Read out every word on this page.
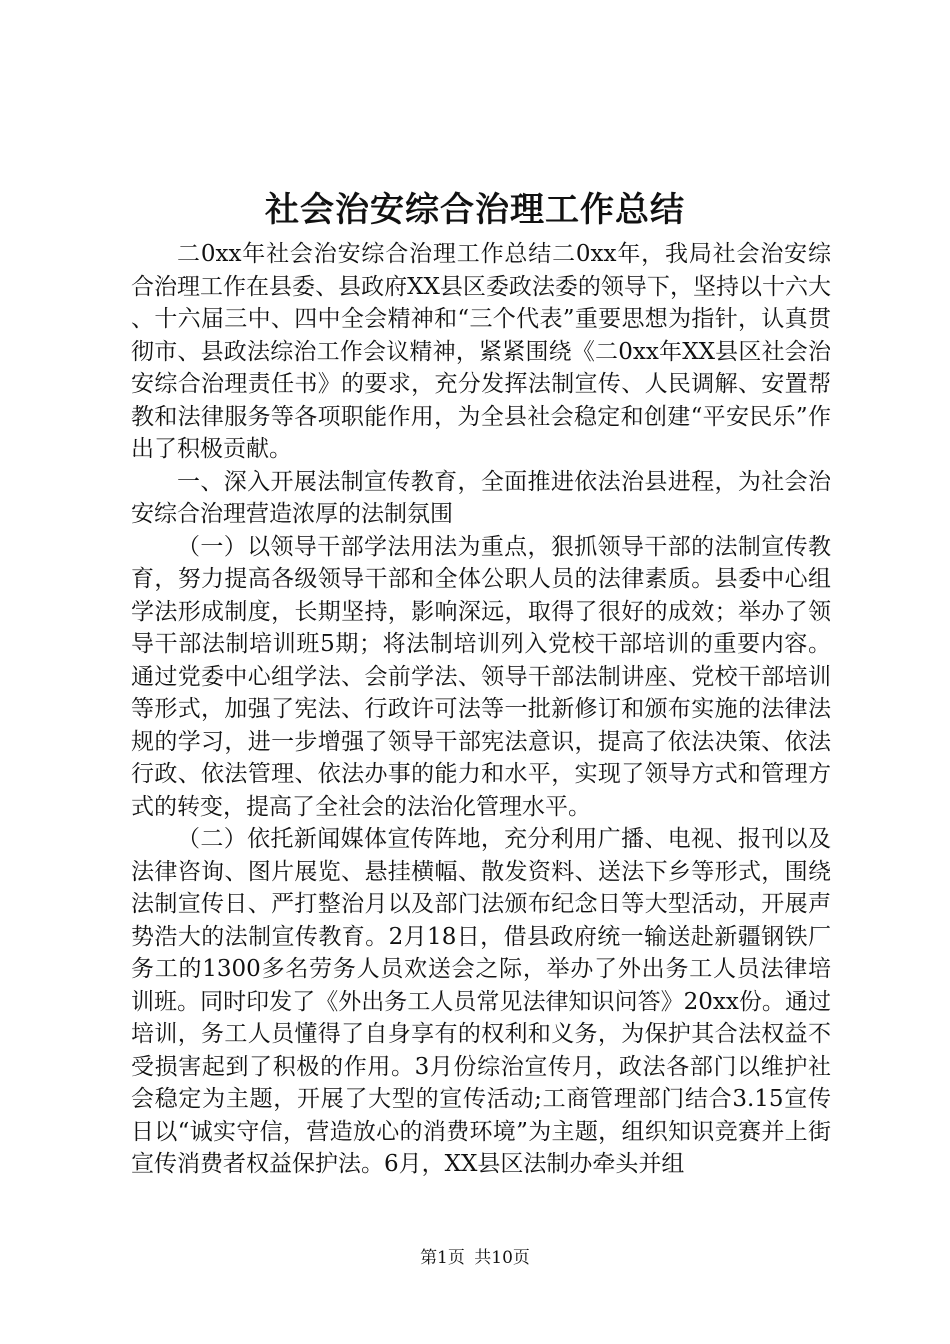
社会治安综合治理工作总结

二0xx年社会治安综合治理工作总结二0xx年，我局社会治安综合治理工作在县委、县政府XX县区委政法委的领导下，坚持以十六大、十六届三中、四中全会精神和“三个代表”重要思想为指针，认真贯彻市、县政法综治工作会议精神，紧紧围绕《二0xx年XX县区社会治安综合治理责任书》的要求，充分发挥法制宣传、人民调解、安置帮教和法律服务等各项职能作用，为全县社会稳定和创建“平安民乐”作出了积极贡献。

一、深入开展法制宣传教育，全面推进依法治县进程，为社会治安综合治理营造浓厚的法制氛围

（一）以领导干部学法用法为重点，狠抓领导干部的法制宣传教育，努力提高各级领导干部和全体公职人员的法律素质。县委中心组学法形成制度，长期坚持，影响深远，取得了很好的成效；举办了领导干部法制培训班5期；将法制培训列入党校干部培训的重要内容。通过党委中心组学法、会前学法、领导干部法制讲座、党校干部培训等形式，加强了宪法、行政许可法等一批新修订和颁布实施的法律法规的学习，进一步增强了领导干部宪法意识，提高了依法决策、依法行政、依法管理、依法办事的能力和水平，实现了领导方式和管理方式的转变，提高了全社会的法治化管理水平。

（二）依托新闻媒体宣传阵地，充分利用广播、电视、报刊以及法律咨询、图片展览、悬挂横幅、散发资料、送法下乡等形式，围绕法制宣传日、严打整治月以及部门法颁布纪念日等大型活动，开展声势浩大的法制宣传教育。2月18日，借县政府统一输送赴新疆钢铁厂务工的1300多名劳务人员欢送会之际，举办了外出务工人员法律培训班。同时印发了《外出务工人员常见法律知识问答》20xx份。通过培训，务工人员懂得了自身享有的权利和义务，为保护其合法权益不受损害起到了积极的作用。3月份综治宣传月，政法各部门以维护社会稳定为主题，开展了大型的宣传活动;工商管理部门结合3.15宣传日以“诚实守信，营造放心的消费环境”为主题，组织知识竞赛并上街宣传消费者权益保护法。6月，XX县区法制办牵头并组

第1页 共10页
